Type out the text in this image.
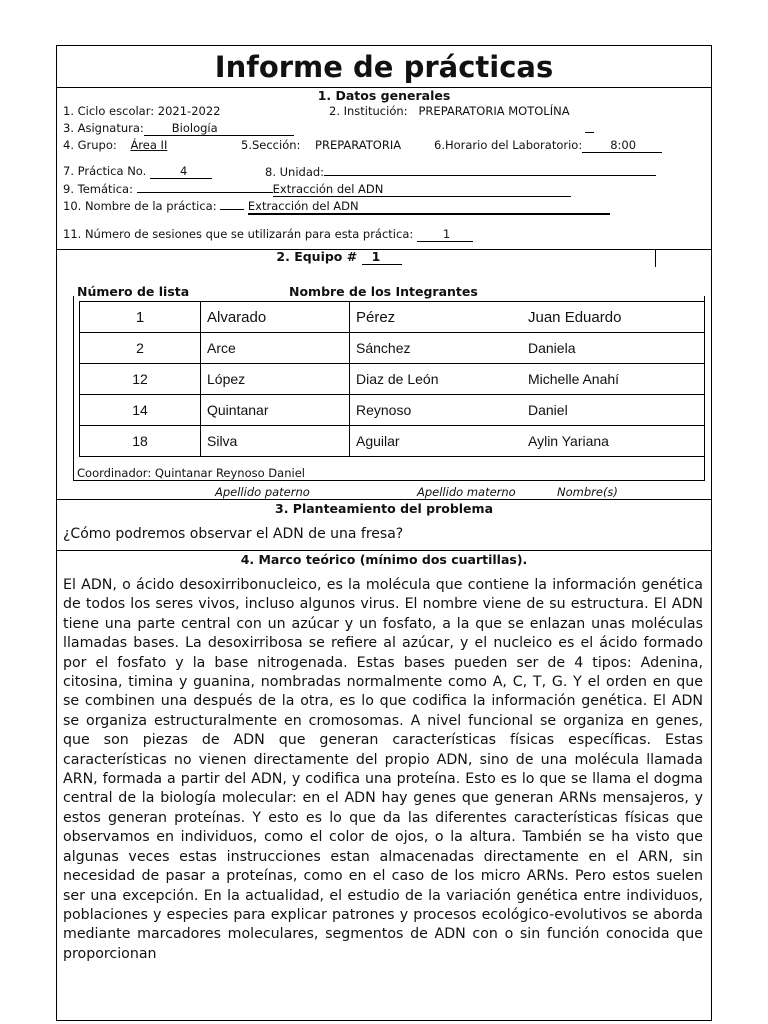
Informe de prácticas
1. Datos generales
1. Ciclo escolar: 2021-2022	2. Institución: PREPARATORIA MOTOLÍNA
3. Asignatura: Biología
4. Grupo: Área II	5.Sección: PREPARATORIA	6.Horario del Laboratorio: 8:00
7. Práctica No.	4	8. Unidad:
9. Temática:	Extracción del ADN
10. Nombre de la práctica:	Extracción del ADN
11. Número de sesiones que se utilizarán para esta práctica:	1
2. Equipo # 1
Número de lista	Nombre de los Integrantes
1	Alvarado	Pérez	Juan Eduardo
2	Arce	Sánchez	Daniela
12	López	Diaz de León	Michelle Anahí
14	Quintanar	Reynoso	Daniel
18	Silva	Aguilar	Aylin Yariana
Coordinador: Quintanar Reynoso Daniel
Apellido paterno	Apellido materno	Nombre(s)
3. Planteamiento del problema
¿Cómo podremos observar el ADN de una fresa?
4. Marco teórico (mínimo dos cuartillas).
El ADN, o ácido desoxirribonucleico, es la molécula que contiene la información genética de todos los seres vivos, incluso algunos virus. El nombre viene de su estructura. El ADN tiene una parte central con un azúcar y un fosfato, a la que se enlazan unas moléculas llamadas bases. La desoxirribosa se refiere al azúcar, y el nucleico es el ácido formado por el fosfato y la base nitrogenada. Estas bases pueden ser de 4 tipos: Adenina, citosina, timina y guanina, nombradas normalmente como A, C, T, G. Y el orden en que se combinen una después de la otra, es lo que codifica la información genética. El ADN se organiza estructuralmente en cromosomas. A nivel funcional se organiza en genes, que son piezas de ADN que generan características físicas específicas. Estas características no vienen directamente del propio ADN, sino de una molécula llamada ARN, formada a partir del ADN, y codifica una proteína. Esto es lo que se llama el dogma central de la biología molecular: en el ADN hay genes que generan ARNs mensajeros, y estos generan proteínas. Y esto es lo que da las diferentes características físicas que observamos en individuos, como el color de ojos, o la altura. También se ha visto que algunas veces estas instrucciones estan almacenadas directamente en el ARN, sin necesidad de pasar a proteínas, como en el caso de los micro ARNs. Pero estos suelen ser una excepción. En la actualidad, el estudio de la variación genética entre individuos, poblaciones y especies para explicar patrones y procesos ecológico-evolutivos se aborda mediante marcadores moleculares, segmentos de ADN con o sin función conocida que proporcionan
